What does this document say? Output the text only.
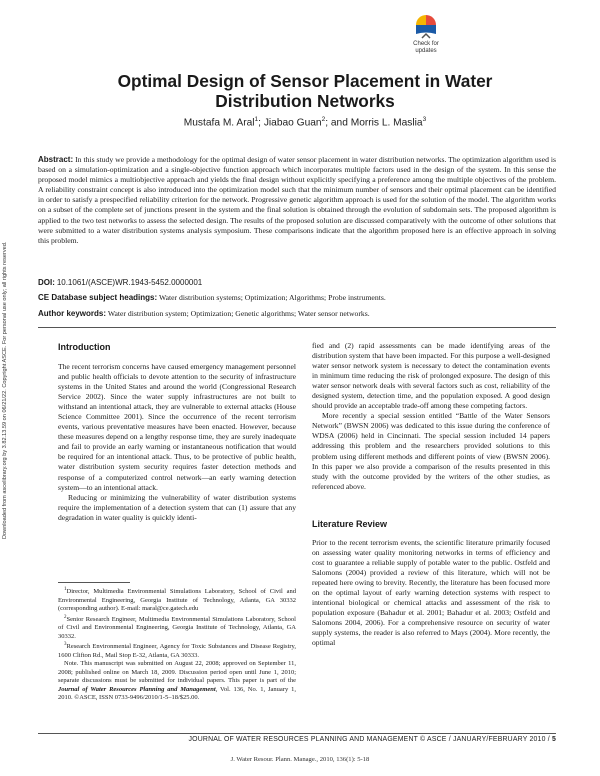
Downloaded from ascelibrary.org by 3.82.13.59 on 06/21/22. Copyright ASCE. For personal use only; all rights reserved.
Check for
updates
Optimal Design of Sensor Placement in Water
Distribution Networks
Mustafa M. Aral$^1$; Jiabao Guan$^2$; and Morris L. Maslia$^3$
Abstract: In this study we provide a methodology for the optimal design of water sensor placement in water distribution networks. The optimization algorithm used is based on a simulation-optimization and a single-objective function approach which incorporates multiple factors used in the design of the system. In this sense the proposed model mimics a multiobjective approach and yields the final design without explicitly specifying a preference among the multiple objectives of the problem. A reliability constraint concept is also introduced into the optimization model such that the minimum number of sensors and their optimal placement can be identified in order to satisfy a prespecified reliability criterion for the network. Progressive genetic algorithm approach is used for the solution of the model. The algorithm works on a subset of the complete set of junctions present in the system and the final solution is obtained through the evolution of subdomain sets. The proposed algorithm is applied to the two test networks to assess the selected design. The results of the proposed solution are discussed comparatively with the outcome of other solutions that were submitted to a water distribution systems analysis symposium. These comparisons indicate that the algorithm proposed here is an effective approach in solving this problem.
DOI: 10.1061/(ASCE)WR.1943-5452.0000001
CE Database subject headings: Water distribution systems; Optimization; Algorithms; Probe instruments.
Author keywords: Water distribution system; Optimization; Genetic algorithms; Water sensor networks.
Introduction

The recent terrorism concerns have caused emergency management personnel and public health officials to devote attention to the security of infrastructure systems in the United States and around the world (Congressional Research Service 2002). Since the water supply infrastructures are not built to withstand an intentional attack, they are vulnerable to external attacks (House Science Committee 2001). Since the occurrence of the recent terrorism events, various preventative measures have been enacted. However, because these measures depend on a lengthy response time, they are surely inadequate and fail to provide an early warning or instantaneous notification that would be required for an intentional attack. Thus, to be protective of public health, water distribution system security requires faster detection methods and response of a computerized control network—an early warning detection system—to an intentional attack.

Reducing or minimizing the vulnerability of water distribution systems require the implementation of a detection system that can (1) assure that any degradation in water quality is quickly identi-

$^1$Director, Multimedia Environmental Simulations Laboratory, School of Civil and Environmental Engineering, Georgia Institute of Technology, Atlanta, GA 30332 (corresponding author). E-mail: maral@ce.gatech.edu

$^2$Senior Research Engineer, Multimedia Environmental Simulations Laboratory, School of Civil and Environmental Engineering, Georgia Institute of Technology, Atlanta, GA 30332.

$^3$Research Environmental Engineer, Agency for Toxic Substances and Disease Registry, 1600 Clifton Rd., Mail Stop E-32, Atlanta, GA 30333.

Note. This manuscript was submitted on August 22, 2008; approved on September 11, 2008; published online on March 18, 2009. Discussion period open until June 1, 2010; separate discussions must be submitted for individual papers. This paper is part of the Journal of Water Resources Planning and Management, Vol. 136, No. 1, January 1, 2010. ©ASCE, ISSN 0733-9496/2010/1-5–18/$25.00.

fied and (2) rapid assessments can be made identifying areas of the distribution system that have been impacted. For this purpose a well-designed water sensor network system is necessary to detect the contamination events in minimum time reducing the risk of prolonged exposure. The design of this water sensor network deals with several factors such as cost, reliability of the designed system, detection time, and the population exposed. A good design should provide an acceptable trade-off among these competing factors.

More recently a special session entitled “Battle of the Water Sensors Network” (BWSN 2006) was dedicated to this issue during the conference of WDSA (2006) held in Cincinnati. The special session included 14 papers addressing this problem and the researchers provided solutions to this problem using different methods and different points of view (BWSN 2006). In this paper we also provide a comparison of the results presented in this study with the outcome provided by the writers of the other studies, as referenced above.

Literature Review

Prior to the recent terrorism events, the scientific literature primarily focused on assessing water quality monitoring networks in terms of efficiency and cost to guarantee a reliable supply of potable water to the public. Ostfeld and Salomons (2004) provided a review of this literature, which will not be repeated here owing to brevity. Recently, the literature has been focused more on the optimal layout of early warning detection systems with respect to intentional biological or chemical attacks and assessment of the risk to population exposure (Bahadur et al. 2001; Bahadur et al. 2003; Ostfeld and Salomons 2004, 2006). For a comprehensive resource on security of water supply systems, the reader is also referred to Mays (2004). More recently, the optimal

JOURNAL OF WATER RESOURCES PLANNING AND MANAGEMENT © ASCE / JANUARY/FEBRUARY 2010 / 5
J. Water Resour. Plann. Manage., 2010, 136(1): 5-18
